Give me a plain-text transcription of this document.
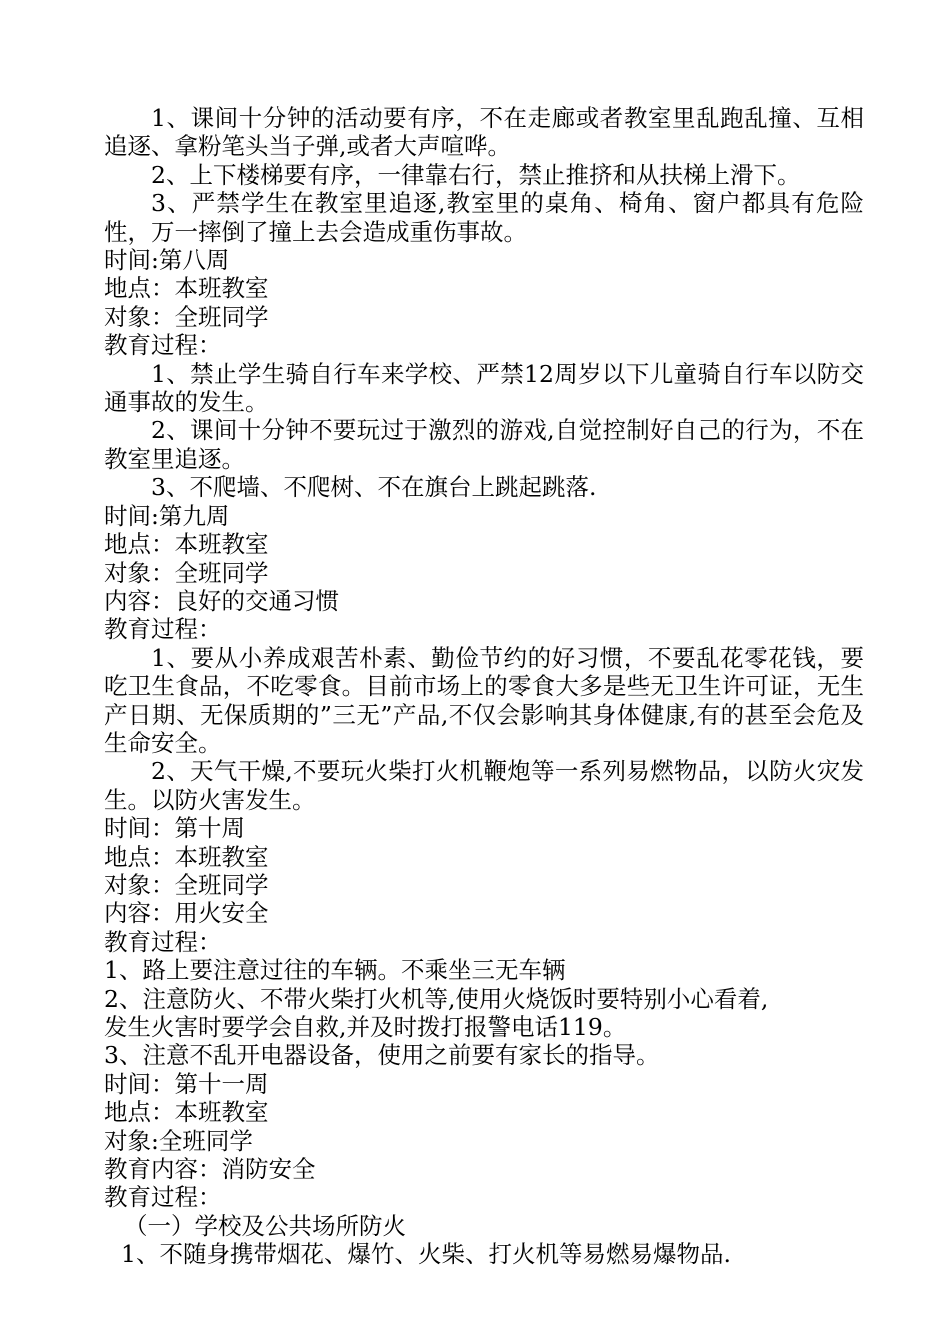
1、课间十分钟的活动要有序，不在走廊或者教室里乱跑乱撞、互相追逐、拿粉笔头当子弹,或者大声喧哗。

2、上下楼梯要有序，一律靠右行，禁止推挤和从扶梯上滑下。

3、严禁学生在教室里追逐,教室里的桌角、椅角、窗户都具有危险性，万一摔倒了撞上去会造成重伤事故。

时间:第八周

地点：本班教室

对象：全班同学

教育过程：

1、禁止学生骑自行车来学校、严禁12周岁以下儿童骑自行车以防交通事故的发生。

2、课间十分钟不要玩过于激烈的游戏,自觉控制好自己的行为，不在教室里追逐。

3、不爬墙、不爬树、不在旗台上跳起跳落.

时间:第九周

地点：本班教室

对象：全班同学

内容：良好的交通习惯

教育过程：

1、要从小养成艰苦朴素、勤俭节约的好习惯，不要乱花零花钱，要吃卫生食品，不吃零食。目前市场上的零食大多是些无卫生许可证，无生产日期、无保质期的”三无”产品,不仅会影响其身体健康,有的甚至会危及生命安全。

2、天气干燥,不要玩火柴打火机鞭炮等一系列易燃物品，以防火灾发生。以防火害发生。

时间：第十周

地点：本班教室

对象：全班同学

内容：用火安全

教育过程：

1、路上要注意过往的车辆。不乘坐三无车辆

2、注意防火、不带火柴打火机等,使用火烧饭时要特别小心看着,

发生火害时要学会自救,并及时拨打报警电话119。

3、注意不乱开电器设备，使用之前要有家长的指导。

时间：第十一周

地点：本班教室

对象:全班同学

教育内容：消防安全

教育过程：

（一）学校及公共场所防火

1、不随身携带烟花、爆竹、火柴、打火机等易燃易爆物品.
